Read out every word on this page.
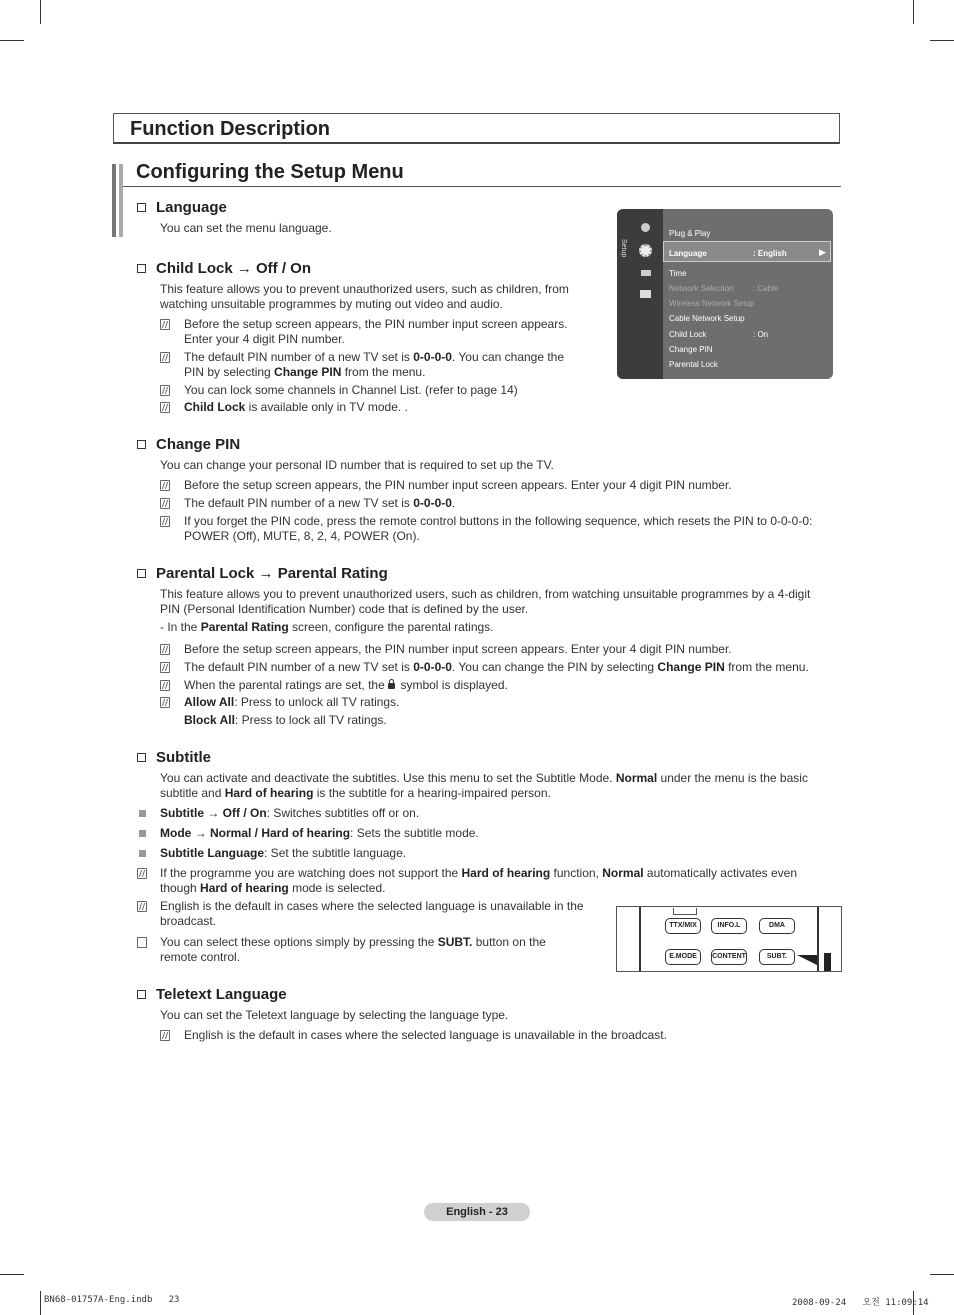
Function Description
Configuring the Setup Menu
Language
You can set the menu language.
Child Lock → Off / On
This feature allows you to prevent unauthorized users, such as children, from
watching unsuitable programmes by muting out video and audio.
Before the setup screen appears, the PIN number input screen appears.
Enter your 4 digit PIN number.
The default PIN number of a new TV set is 0-0-0-0. You can change the
PIN by selecting Change PIN from the menu.
You can lock some channels in Channel List. (refer to page 14)
Child Lock is available only in TV mode. .
Setup
Plug & Play
Language	: English	▶
Time
Network Selection : Cable
Wireless Network Setup
Cable Network Setup
Child Lock	: On
Change PIN
Parental Lock
Change PIN
You can change your personal ID number that is required to set up the TV.
Before the setup screen appears, the PIN number input screen appears. Enter your 4 digit PIN number.
The default PIN number of a new TV set is 0-0-0-0.
If you forget the PIN code, press the remote control buttons in the following sequence, which resets the PIN to 0-0-0-0:
POWER (Off), MUTE, 8, 2, 4, POWER (On).
Parental Lock → Parental Rating
This feature allows you to prevent unauthorized users, such as children, from watching unsuitable programmes by a 4-digit
PIN (Personal Identification Number) code that is defined by the user.
- In the Parental Rating screen, configure the parental ratings.
Before the setup screen appears, the PIN number input screen appears. Enter your 4 digit PIN number.
The default PIN number of a new TV set is 0-0-0-0. You can change the PIN by selecting Change PIN from the menu.
When the parental ratings are set, the
symbol is displayed.
Allow All: Press to unlock all TV ratings.
Block All: Press to lock all TV ratings.
Subtitle
You can activate and deactivate the subtitles. Use this menu to set the Subtitle Mode. Normal under the menu is the basic
subtitle and Hard of hearing is the subtitle for a hearing-impaired person.
Subtitle → Off / On: Switches subtitles off or on.
Mode → Normal / Hard of hearing: Sets the subtitle mode.
Subtitle Language: Set the subtitle language.
If the programme you are watching does not support the Hard of hearing function, Normal automatically activates even
though Hard of hearing mode is selected.
English is the default in cases where the selected language is unavailable in the
broadcast.
You can select these options simply by pressing the SUBT. button on the
remote control.
TTX/MIX	INFO.L	DMA
E.MODE	CONTENT	SUBT.
Teletext Language
You can set the Teletext language by selecting the language type.
English is the default in cases where the selected language is unavailable in the broadcast.
English - 23
BN68-01757A-Eng.indb   23	2008-09-24   오전 11:09:14
